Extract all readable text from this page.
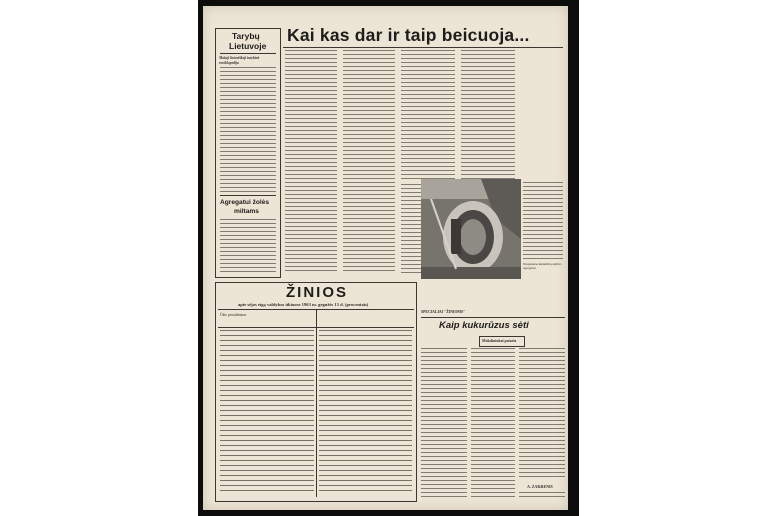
Tarybų
Lietuvoje
Mažoji lietuviškoji tarybinė enciklopedija
Agregatui žolės
miltams
Kai kas dar ir taip beicuoja...
Naujausias kukurūzų sėjimo agregatas
ŽINIOS
apie sėjos eigą valdybos ūkiuose 1963 m. gegužės 13 d. (procentais)
Ūkio pavadinimas
SPECIALIAI "ŽINIOMS"
Kaip kukurūzus sėti
Mokslininkai pataria
A. ZAKRENIS
